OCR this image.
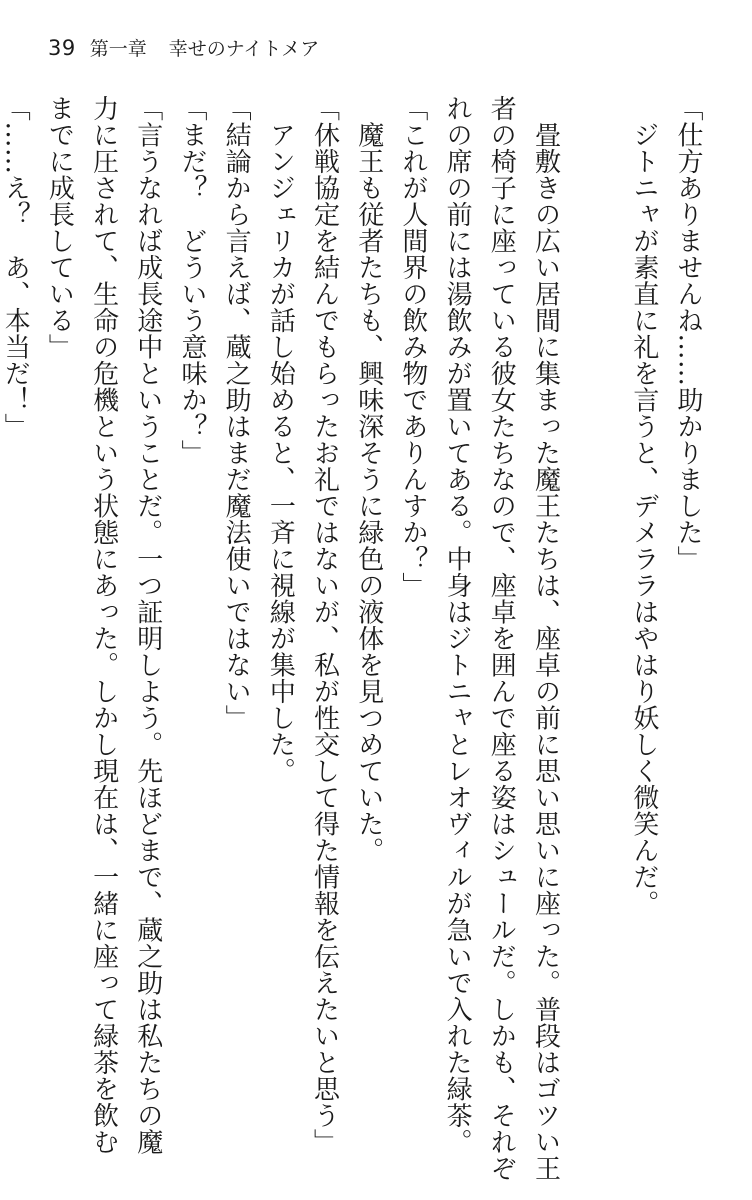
39 第一章 幸せのナイトメア
「仕方ありませんね……助かりました」
　ジトニャが素直に礼を言うと、デメララはやはり妖しく微笑んだ。

　畳敷きの広い居間に集まった魔王たちは、座卓の前に思い思いに座った。普段はゴツい王
者の椅子に座っている彼女たちなので、座卓を囲んで座る姿はシュールだ。しかも、それぞ
れの席の前には湯飲みが置いてある。中身はジトニャとレオヴィルが急いで入れた緑茶。
「これが人間界の飲み物でありんすか？」
　魔王も従者たちも、興味深そうに緑色の液体を見つめていた。
「休戦協定を結んでもらったお礼ではないが、私が性交して得た情報を伝えたいと思う」
　アンジェリカが話し始めると、一斉に視線が集中した。
「結論から言えば、蔵之助はまだ魔法使いではない」
「まだ？　どういう意味か？」
「言うなれば成長途中ということだ。一つ証明しよう。先ほどまで、蔵之助は私たちの魔
力に圧されて、生命の危機という状態にあった。しかし現在は、一緒に座って緑茶を飲む
までに成長している」
「……え？　あ、本当だ！」
